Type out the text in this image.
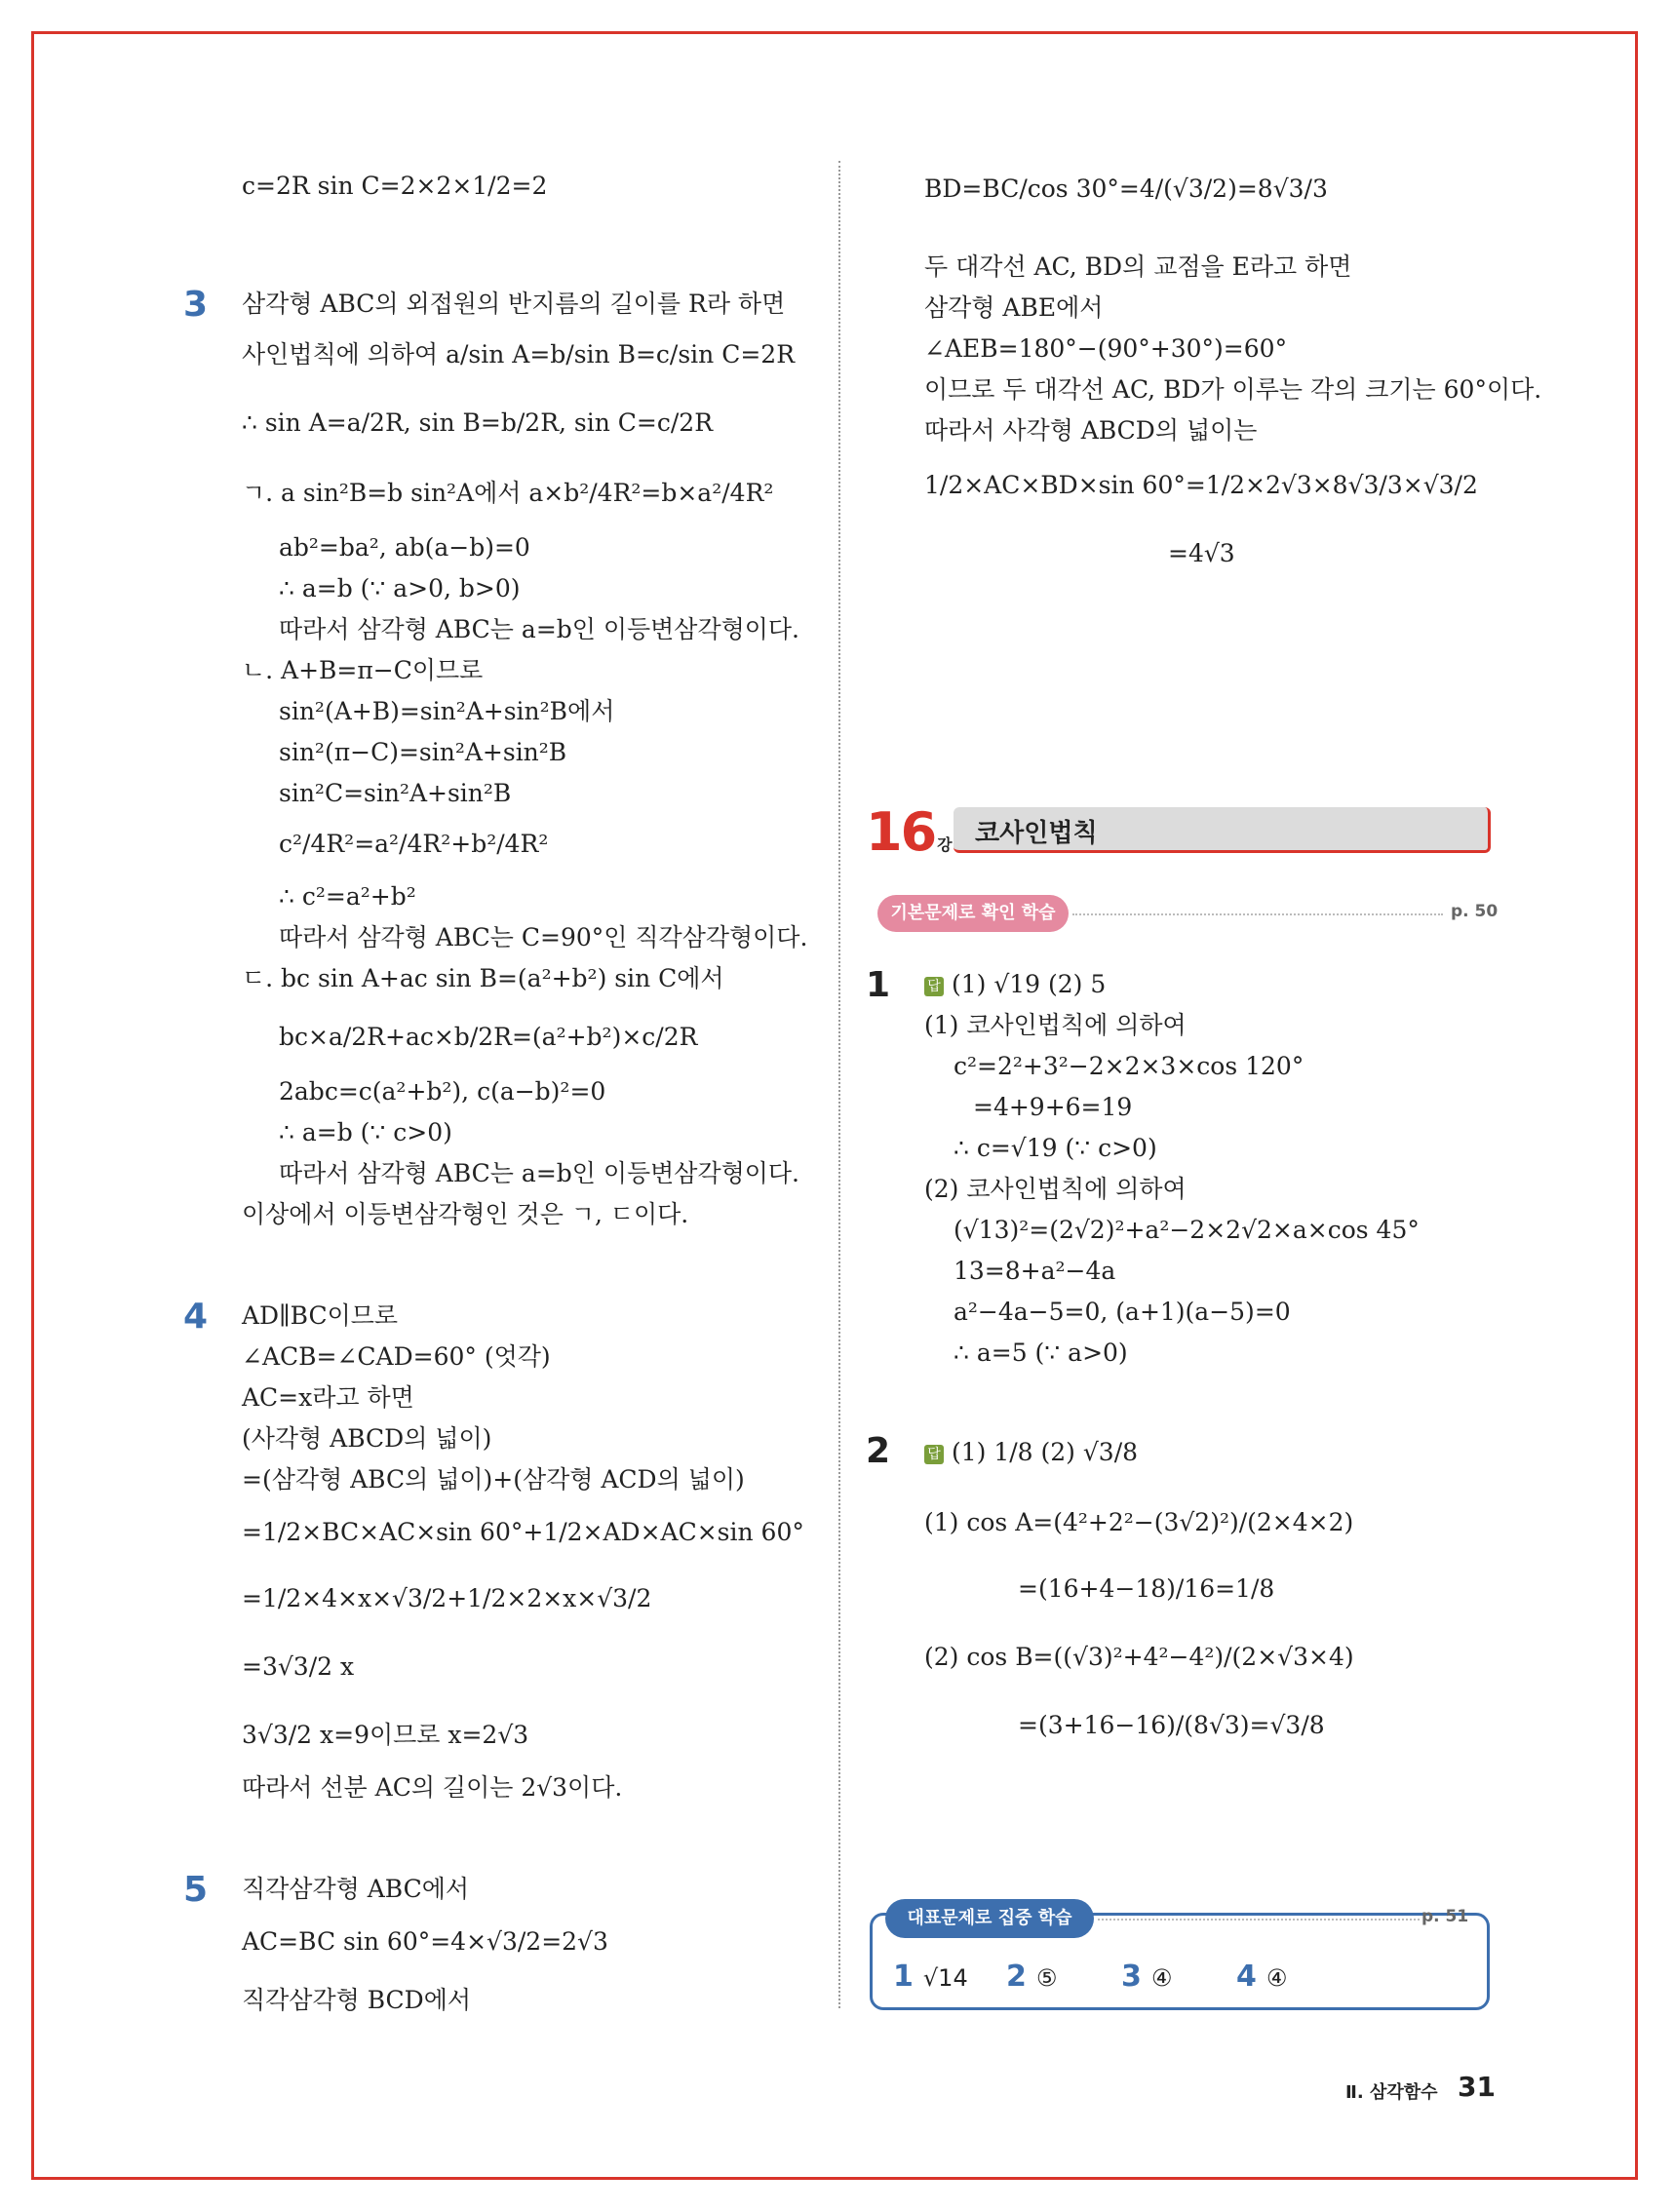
c=2R sin C=2×2×1/2=2
3 삼각형 ABC의 외접원의 반지름의 길이를 R라 하면
사인법칙에 의하여 a/sin A=b/sin B=c/sin C=2R
∴ sin A=a/2R, sin B=b/2R, sin C=c/2R
ㄱ. a sin²B=b sin²A에서 a×b²/4R²=b×a²/4R²
ab²=ba², ab(a−b)=0
∴ a=b (∵ a>0, b>0)
따라서 삼각형 ABC는 a=b인 이등변삼각형이다.
ㄴ. A+B=π−C이므로
sin²(A+B)=sin²A+sin²B에서
sin²(π−C)=sin²A+sin²B
sin²C=sin²A+sin²B
c²/4R²=a²/4R²+b²/4R²
∴ c²=a²+b²
따라서 삼각형 ABC는 C=90°인 직각삼각형이다.
ㄷ. bc sin A+ac sin B=(a²+b²) sin C에서
bc×a/2R+ac×b/2R=(a²+b²)×c/2R
2abc=c(a²+b²), c(a−b)²=0
∴ a=b (∵ c>0)
따라서 삼각형 ABC는 a=b인 이등변삼각형이다.
이상에서 이등변삼각형인 것은 ㄱ, ㄷ이다.
4 AD∥BC이므로
∠ACB=∠CAD=60° (엇각)
AC=x라고 하면
(사각형 ABCD의 넓이)
=(삼각형 ABC의 넓이)+(삼각형 ACD의 넓이)
=1/2×BC×AC×sin 60°+1/2×AD×AC×sin 60°
=1/2×4×x×√3/2+1/2×2×x×√3/2
=3√3/2 x
3√3/2 x=9이므로 x=2√3
따라서 선분 AC의 길이는 2√3이다.
5 직각삼각형 ABC에서
AC=BC sin 60°=4×√3/2=2√3
직각삼각형 BCD에서
BD=BC/cos 30°=4/(√3/2)=8√3/3
두 대각선 AC, BD의 교점을 E라고 하면
삼각형 ABE에서
∠AEB=180°−(90°+30°)=60°
이므로 두 대각선 AC, BD가 이루는 각의 크기는 60°이다.
따라서 사각형 ABCD의 넓이는
1/2×AC×BD×sin 60°=1/2×2√3×8√3/3×√3/2
=4√3
16 강 코사인법칙
기본문제로 확인 학습	p. 50
1	답 (1) √19 (2) 5
(1) 코사인법칙에 의하여
c²=2²+3²−2×2×3×cos 120°
=4+9+6=19
∴ c=√19 (∵ c>0)
(2) 코사인법칙에 의하여
(√13)²=(2√2)²+a²−2×2√2×a×cos 45°
13=8+a²−4a
a²−4a−5=0, (a+1)(a−5)=0
∴ a=5 (∵ a>0)
2	답 (1) 1/8 (2) √3/8
(1) cos A=(4²+2²−(3√2)²)/(2×4×2)
=(16+4−18)/16=1/8
(2) cos B=((√3)²+4²−4²)/(2×√3×4)
=(3+16−16)/(8√3)=√3/8
대표문제로 집중 학습	p. 51
1 √14 2 ⑤ 3 ④ 4 ④
Ⅱ. 삼각함수 31
